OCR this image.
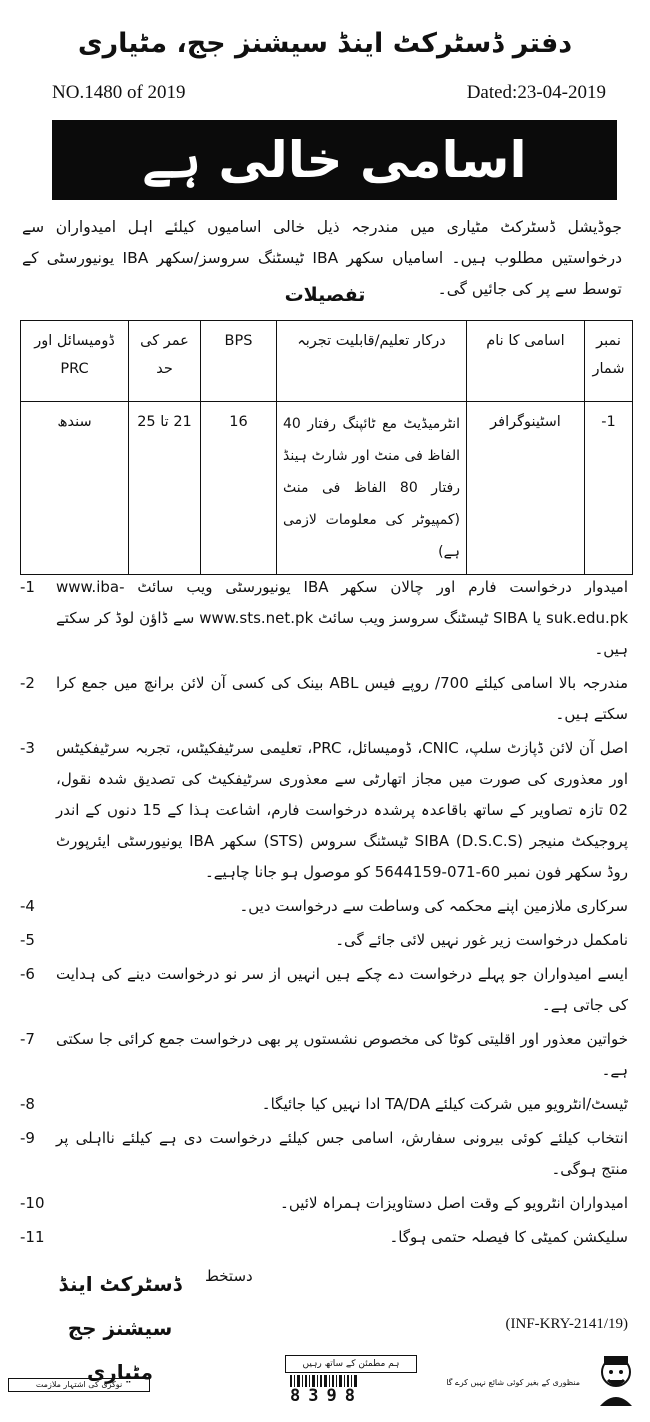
دفتر ڈسٹرکٹ اینڈ سیشنز جج، مٹیاری
NO.1480 of 2019	Dated:23-04-2019
اسامی خالی ہے
جوڈیشل ڈسٹرکٹ مٹیاری میں مندرجہ ذیل خالی اسامیوں کیلئے اہل امیدواران سے درخواستیں مطلوب ہیں۔ اسامیاں سکھر IBA ٹیسٹنگ سروسز/سکھر IBA یونیورسٹی کے توسط سے پر کی جائیں گی۔
تفصیلات
نمبر شمار	اسامی کا نام	درکار تعلیم/قابلیت تجربہ	BPS	عمر کی حد	ڈومیسائل اور PRC
-1	اسٹینوگرافر	انٹرمیڈیٹ مع ٹائپنگ رفتار 40 الفاظ فی منٹ اور شارٹ ہینڈ رفتار 80 الفاظ فی منٹ (کمپیوٹر کی معلومات لازمی ہے)	16	21 تا 25	سندھ
-1	امیدوار درخواست فارم اور چالان سکھر IBA یونیورسٹی ویب سائٹ www.iba-suk.edu.pk یا SIBA ٹیسٹنگ سروسز ویب سائٹ www.sts.net.pk سے ڈاؤن لوڈ کر سکتے ہیں۔
-2	مندرجہ بالا اسامی کیلئے 700/ روپے فیس ABL بینک کی کسی آن لائن برانچ میں جمع کرا سکتے ہیں۔
-3	اصل آن لائن ڈپازٹ سلپ، CNIC، ڈومیسائل، PRC، تعلیمی سرٹیفکیٹس، تجربہ سرٹیفکیٹس اور معذوری کی صورت میں مجاز اتھارٹی سے معذوری سرٹیفکیٹ کی تصدیق شدہ نقول، 02 تازہ تصاویر کے ساتھ باقاعدہ پرشدہ درخواست فارم، اشاعت ہذا کے 15 دنوں کے اندر پروجیکٹ منیجر SIBA (D.S.C.S) ٹیسٹنگ سروس (STS) سکھر IBA یونیورسٹی ایئرپورٹ روڈ سکھر فون نمبر 60-071-5644159 کو موصول ہو جانا چاہیے۔
-4	سرکاری ملازمین اپنے محکمہ کی وساطت سے درخواست دیں۔
-5	نامکمل درخواست زیر غور نہیں لائی جائے گی۔
-6	ایسے امیدواران جو پہلے درخواست دے چکے ہیں انہیں از سر نو درخواست دینے کی ہدایت کی جاتی ہے۔
-7	خواتین معذور اور اقلیتی کوٹا کی مخصوص نشستوں پر بھی درخواست جمع کرائی جا سکتی ہے۔
-8	ٹیسٹ/انٹرویو میں شرکت کیلئے TA/DA ادا نہیں کیا جائیگا۔
-9	انتخاب کیلئے کوئی بیرونی سفارش، اسامی جس کیلئے درخواست دی ہے کیلئے نااہلی پر منتج ہوگی۔
-10	امیدواران انٹرویو کے وقت اصل دستاویزات ہمراہ لائیں۔
-11	سلیکشن کمیٹی کا فیصلہ حتمی ہوگا۔
دستخط
ڈسٹرکٹ اینڈ سیشنز جج
مٹیاری
(INF-KRY-2141/19)
ہم مطمئن کے ساتھ رہیں
8398
نوکری کی اشتہار ملازمت	منظوری کے بغیر کوئی شائع نہیں کرے گا
